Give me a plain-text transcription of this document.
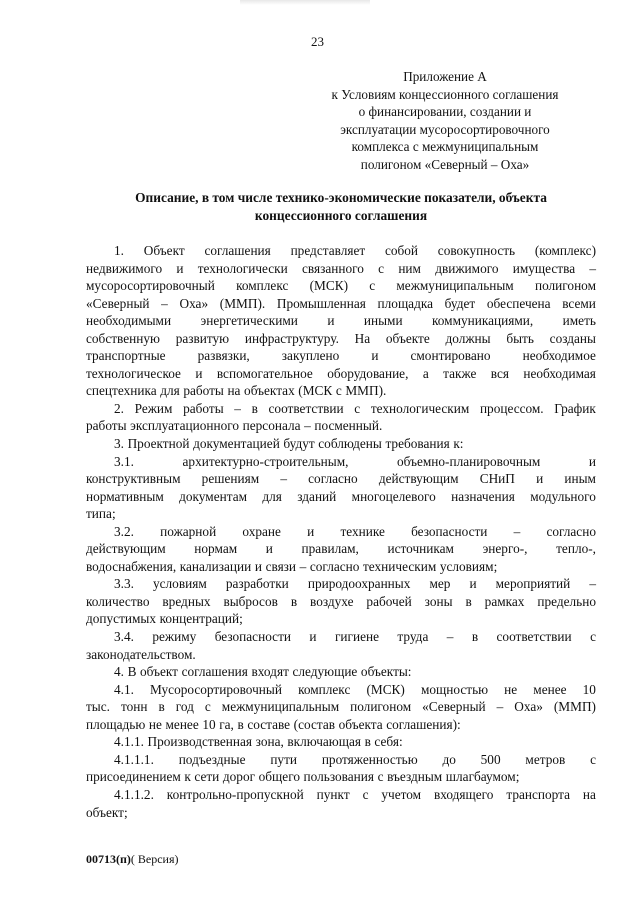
23
Приложение А
к Условиям концессионного соглашения
о финансировании, создании и
эксплуатации мусоросортировочного
комплекса с межмуниципальным
полигоном «Северный – Оха»
Описание, в том числе технико-экономические показатели, объекта
концессионного соглашения
1. Объект соглашения представляет собой совокупность (комплекс)
недвижимого и технологически связанного с ним движимого имущества –
мусоросортировочный комплекс (МСК) с межмуниципальным полигоном
«Северный – Оха» (ММП). Промышленная площадка будет обеспечена всеми
необходимыми энергетическими и иными коммуникациями, иметь
собственную развитую инфраструктуру. На объекте должны быть созданы
транспортные развязки, закуплено и смонтировано необходимое
технологическое и вспомогательное оборудование, а также вся необходимая
спецтехника для работы на объектах (МСК с ММП).
2. Режим работы – в соответствии с технологическим процессом. График
работы эксплуатационного персонала – посменный.
3. Проектной документацией будут соблюдены требования к:
3.1.	архитектурно-строительным,	объемно-планировочным	и
конструктивным решениям – согласно действующим СНиП и иным
нормативным документам для зданий многоцелевого назначения модульного
типа;
3.2. пожарной охране и технике безопасности – согласно
действующим нормам и правилам, источникам энерго-, тепло-,
водоснабжения, канализации и связи – согласно техническим условиям;
3.3. условиям разработки природоохранных мер и мероприятий –
количество вредных выбросов в воздухе рабочей зоны в рамках предельно
допустимых концентраций;
3.4. режиму безопасности и гигиене труда – в соответствии с
законодательством.
4. В объект соглашения входят следующие объекты:
4.1. Мусоросортировочный комплекс (МСК) мощностью не менее 10
тыс. тонн в год с межмуниципальным полигоном «Северный – Оха» (ММП)
площадью не менее 10 га, в составе (состав объекта соглашения):
4.1.1. Производственная зона, включающая в себя:
4.1.1.1. подъездные пути протяженностью до 500 метров с
присоединением к сети дорог общего пользования с въездным шлагбаумом;
4.1.1.2. контрольно-пропускной пункт с учетом входящего транспорта на
объект;
00713(п)( Версия)
